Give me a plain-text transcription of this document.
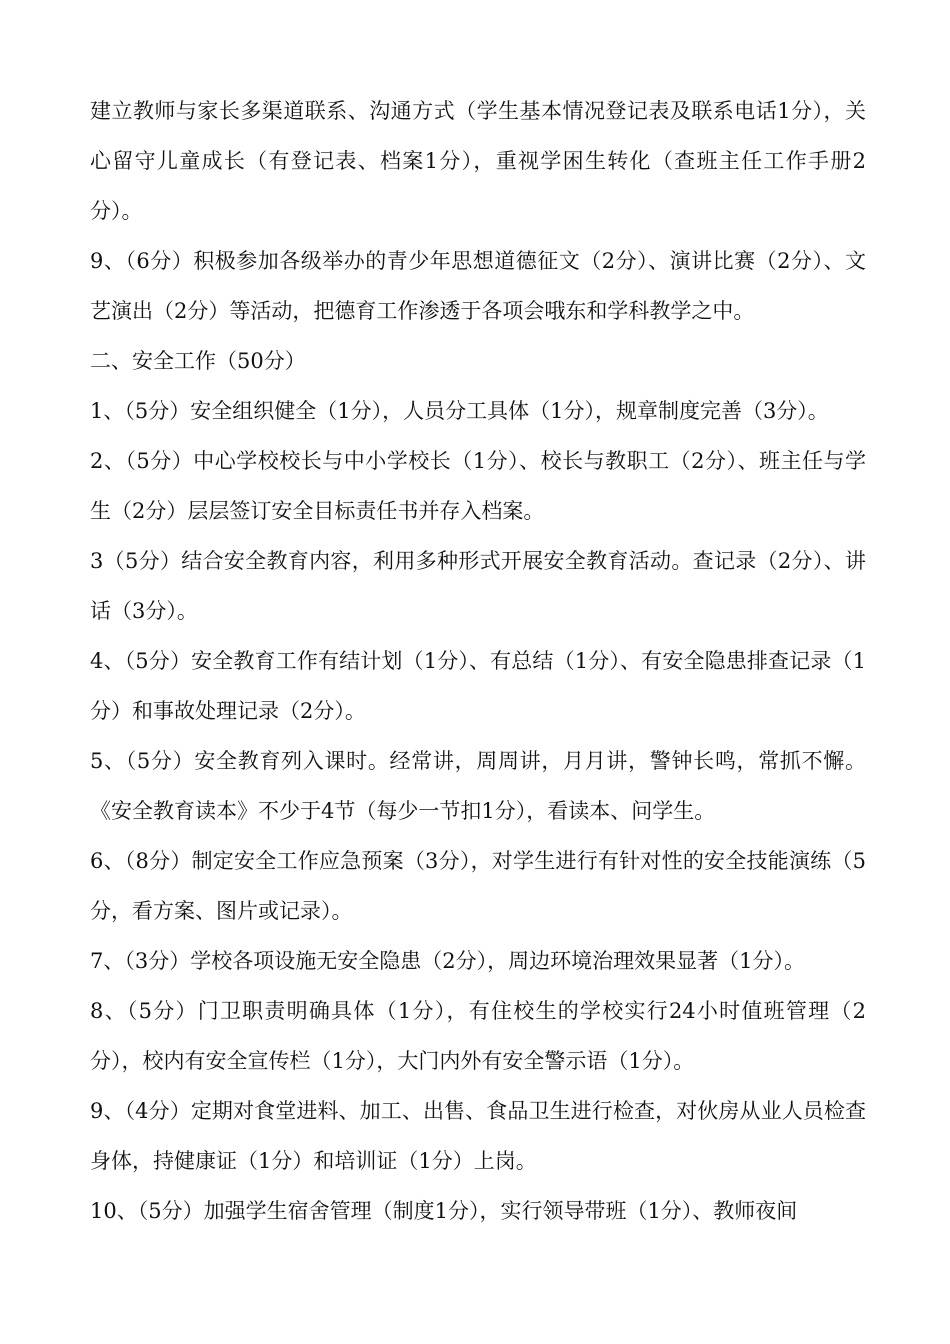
建立教师与家长多渠道联系、沟通方式（学生基本情况登记表及联系电话1分），关心留守儿童成长（有登记表、档案1分），重视学困生转化（查班主任工作手册2分）。

9、（6分）积极参加各级举办的青少年思想道德征文（2分）、演讲比赛（2分）、文艺演出（2分）等活动，把德育工作渗透于各项会哦东和学科教学之中。

二、安全工作（50分）

1、（5分）安全组织健全（1分），人员分工具体（1分），规章制度完善（3分）。

2、（5分）中心学校校长与中小学校长（1分）、校长与教职工（2分）、班主任与学生（2分）层层签订安全目标责任书并存入档案。

3（5分）结合安全教育内容，利用多种形式开展安全教育活动。查记录（2分）、讲话（3分）。

4、（5分）安全教育工作有结计划（1分）、有总结（1分）、有安全隐患排查记录（1分）和事故处理记录（2分）。

5、（5分）安全教育列入课时。经常讲，周周讲，月月讲，警钟长鸣，常抓不懈。《安全教育读本》不少于4节（每少一节扣1分），看读本、问学生。

6、（8分）制定安全工作应急预案（3分），对学生进行有针对性的安全技能演练（5分，看方案、图片或记录）。

7、（3分）学校各项设施无安全隐患（2分），周边环境治理效果显著（1分）。

8、（5分）门卫职责明确具体（1分），有住校生的学校实行24小时值班管理（2分），校内有安全宣传栏（1分），大门内外有安全警示语（1分）。

9、（4分）定期对食堂进料、加工、出售、食品卫生进行检查，对伙房从业人员检查身体，持健康证（1分）和培训证（1分）上岗。

10、（5分）加强学生宿舍管理（制度1分），实行领导带班（1分）、教师夜间
